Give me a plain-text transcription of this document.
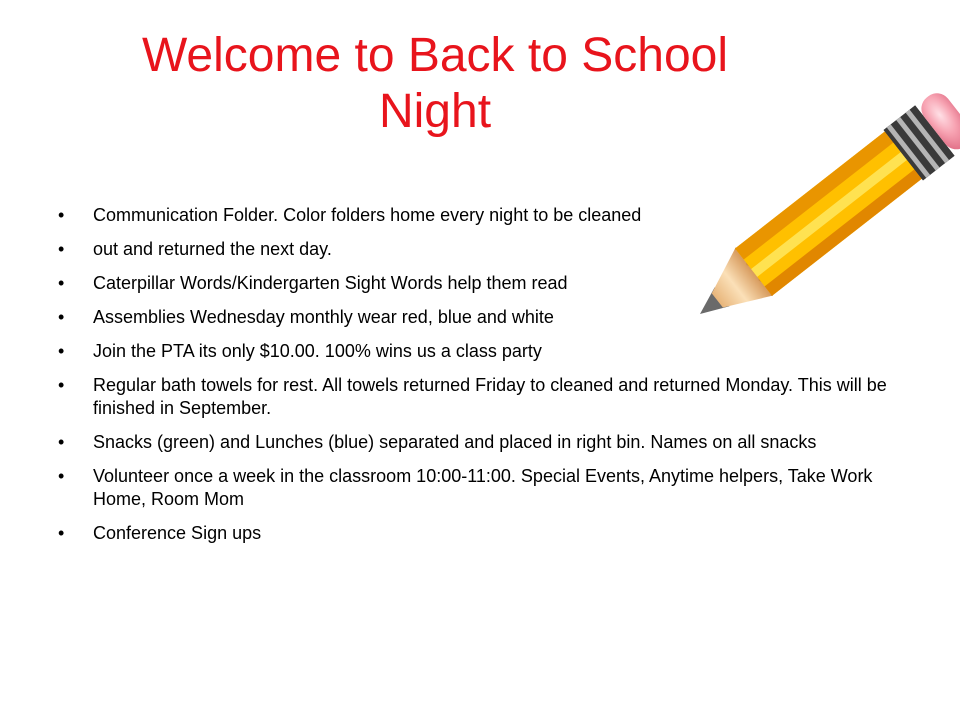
Welcome to Back to School Night
• Communication Folder. Color folders home every night to be cleaned
• out and returned the next day.
• Caterpillar Words/Kindergarten Sight Words help them read
• Assemblies Wednesday monthly wear red, blue and white
• Join the PTA its only $10.00. 100% wins us a class party
• Regular bath towels for rest. All towels returned Friday to cleaned and returned Monday. This will be finished in September.
• Snacks (green) and Lunches (blue) separated and placed in right bin. Names on all snacks
• Volunteer once a week in the classroom 10:00-11:00. Special Events, Anytime helpers, Take Work Home, Room Mom
• Conference Sign ups
